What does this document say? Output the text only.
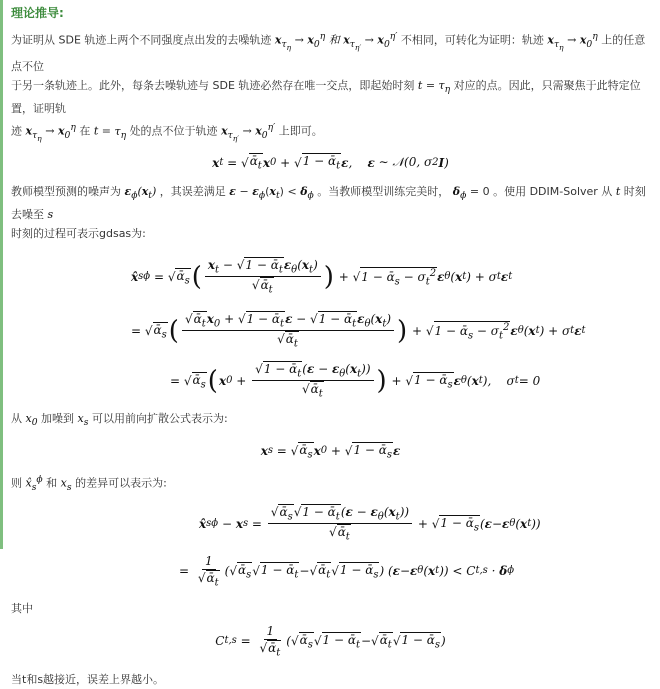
理论推导:

为证明从 SDE 轨迹上两个不同强度点出发的去噪轨迹 $x_{\tau_\eta} \to x_0^\eta$ 和 $x_{\tau_{\eta'}} \to x_0^{\eta'}$ 不相同，可转化为证明：轨迹 $x_{\tau_\eta} \to x_0^\eta$ 上的任意点不位
于另一条轨迹上。此外，每条去噪轨迹与 SDE 轨迹必然存在唯一交点，即起始时刻 $t = \tau_\eta$ 对应的点。因此，只需聚焦于此特定位置，证明轨
迹 $x_{\tau_\eta} \to x_0^\eta$ 在 $t = \tau_\eta$ 处的点不位于轨迹 $x_{\tau_{\eta'}} \to x_0^{\eta'}$ 上即可。

x t = √ ᾱ$_t$ x 0 + √ 1 − ᾱ$_t$ ε , ε ∼ 𝒩(0, σ 2 I )

教师模型预测的噪声为 $\varepsilon_\phi(x_t)$ ，其误差满足 $\varepsilon - \varepsilon_\phi(x_t) < \delta_\phi$ 。当教师模型训练完美时， $\delta_\phi = 0$ 。使用 DDIM-Solver 从 t 时刻去噪至 s
时刻的过程可表示gdsas为:

x̂ s ϕ = √ ᾱ$_s$ ( $\frac{x_t - √1 - ᾱ_t\varepsilon_\theta(x_t)}{√ᾱ_t}$ ) + √ 1 − ᾱ$_s$ − $\sigma_t^2$ ε θ ( x t ) + σ t ε t
= √ ᾱ$_s$ ( $\frac{√ᾱ_tx_0 + √1 - ᾱ_t\varepsilon - √1 - ᾱ_t\varepsilon_\theta(x_t)}{√ᾱ_t}$ ) + √ 1 − ᾱ$_s$ − $\sigma_t^2$ ε θ ( x t ) + σ t ε t
= √ ᾱ$_s$ ( x $0 + \frac{√1 - ᾱ_t(\varepsilon - \varepsilon_\theta(x_t))}{√ᾱ_t}$ ) + √ 1 − ᾱ$_s$ ε θ ( x t ),    σ t = 0

从 $x_0$ 加噪到 $x_s$ 可以用前向扩散公式表示为:

x s = √ ᾱ$_s$ x 0 + √ 1 − ᾱ$_s$ ε

则 $x̂_s^\phi$ 和 $x_s$ 的差异可以表示为:

x̂ s ϕ − x $s = \frac{√ᾱ_s√1 - ᾱ_t(\varepsilon - \varepsilon_\theta(x_t))}{√ᾱ_t}$ + √ 1 − ᾱ$_s$ ( ε − ε θ ( x t ))
= $\frac{1}{√ᾱ_t}$ ( √ ᾱ$_s$ √ 1 − ᾱ$_t$ − √ ᾱ$_t$ √ 1 − ᾱ$_s$ ) ( ε − ε θ ( x t )) < C t,s · δ ϕ

其中

C $t,s = \frac{1}{√ᾱ_t}$ ( √ ᾱ$_s$ √ 1 − ᾱ$_t$ − √ ᾱ$_t$ √ 1 − ᾱ$_s$ )

当t和s越接近，误差上界越小。
